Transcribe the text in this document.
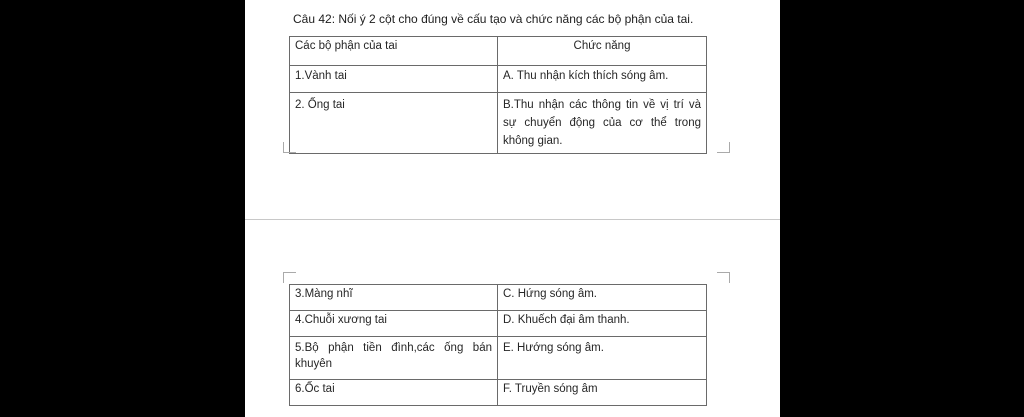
Câu 42: Nối ý 2 cột cho đúng về cấu tạo và chức năng các bộ phận của tai.
Các bộ phận của tai	Chức năng
1.Vành tai	A. Thu nhận kích thích sóng âm.
2. Ống tai	B.Thu nhận các thông tin về vị trí và sự chuyển động của cơ thể trong không gian.
3.Màng nhĩ	C. Hứng sóng âm.
4.Chuỗi xương tai	D. Khuếch đại âm thanh.
5.Bộ phận tiền đình,các ống bán khuyên	E. Hướng sóng âm.
6.Ốc tai	F. Truyền sóng âm
